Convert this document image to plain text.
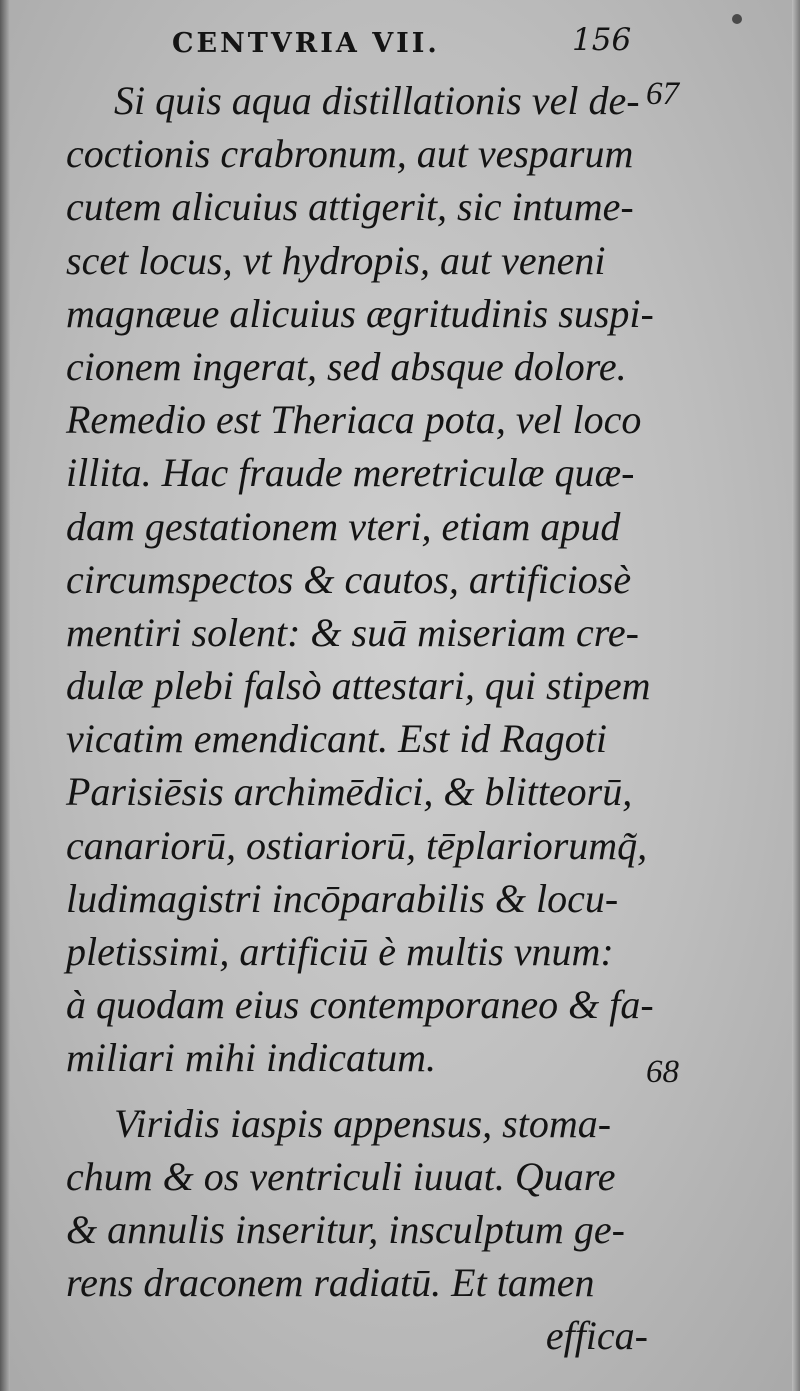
CENTVRIA VII.	156
67
68
Si quis aqua distillationis vel de-
coctionis crabronum, aut vesparum
cutem alicuius attigerit, sic intume-
scet locus, vt hydropis, aut veneni
magnæue alicuius ægritudinis suspi-
cionem ingerat, sed absque dolore.
Remedio est Theriaca pota, vel loco
illita. Hac fraude meretriculæ quæ-
dam gestationem vteri, etiam apud
circumspectos & cautos, artificiosè
mentiri solent: & suā miseriam cre-
dulæ plebi falsò attestari, qui stipem
vicatim emendicant. Est id Ragoti
Parisiēsis archimēdici, & blitteorū,
canariorū, ostiariorū, tēplariorumq̃,
ludimagistri incōparabilis & locu-
pletissimi, artificiū è multis vnum:
à quodam eius contemporaneo & fa-
miliari mihi indicatum.
Viridis iaspis appensus, stoma-
chum & os ventriculi iuuat. Quare
& annulis inseritur, insculptum ge-
rens draconem radiatū. Et tamen
effica-
